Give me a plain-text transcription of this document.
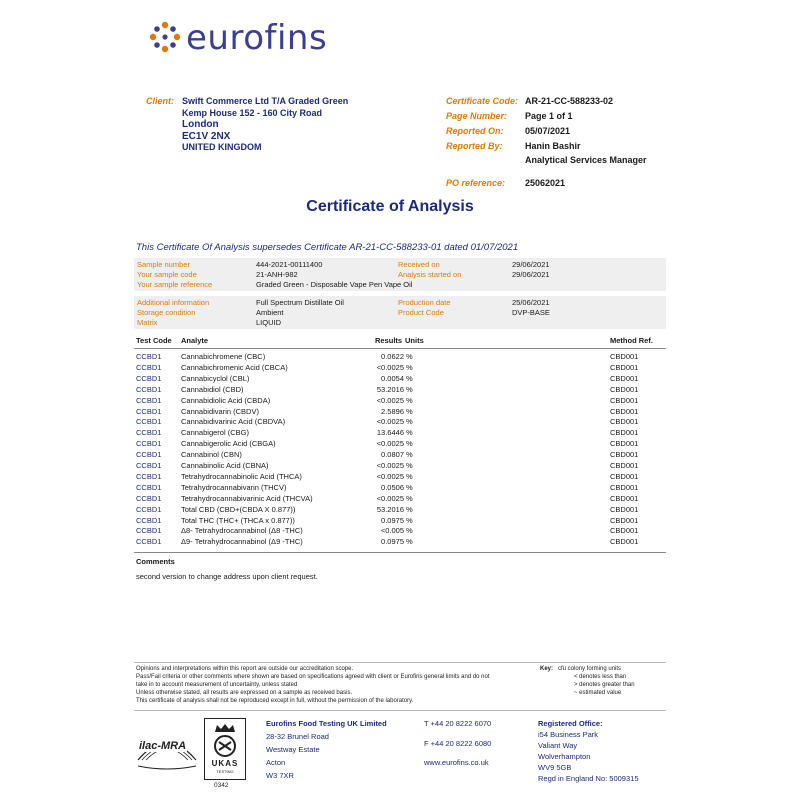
eurofins
Client: Swift Commerce Ltd T/A Graded Green
Kemp House 152 - 160 City Road
London
EC1V 2NX
UNITED KINGDOM
Certificate Code: AR-21-CC-588233-02
Page Number: Page 1 of 1
Reported On: 05/07/2021
Reported By: Hanin Bashir
Analytical Services Manager
PO reference: 25062021
Certificate of Analysis
This Certificate Of Analysis supersedes Certificate AR-21-CC-588233-01 dated 01/07/2021
Sample number	444-2021-00111400	Received on	29/06/2021
Your sample code	21-ANH-982	Analysis started on	29/06/2021
Your sample reference	Graded Green - Disposable Vape Pen Vape Oil
Additional information	Full Spectrum Distillate Oil	Production date	25/06/2021
Storage condition	Ambient	Product Code	DVP-BASE
Matrix	LIQUID
Test Code Analyte	Results Units	Method Ref.
CCBD1	Cannabichromene (CBC)	0.0622 %	CBD001
CCBD1	Cannabichromenic Acid (CBCA)	<0.0025 %	CBD001
CCBD1	Cannabicyclol (CBL)	0.0054 %	CBD001
CCBD1	Cannabidiol (CBD)	53.2016 %	CBD001
CCBD1	Cannabidiolic Acid (CBDA)	<0.0025 %	CBD001
CCBD1	Cannabidivarin (CBDV)	2.5896 %	CBD001
CCBD1	Cannabidivarinic Acid (CBDVA)	<0.0025 %	CBD001
CCBD1	Cannabigerol (CBG)	13.6446 %	CBD001
CCBD1	Cannabigerolic Acid (CBGA)	<0.0025 %	CBD001
CCBD1	Cannabinol (CBN)	0.0807 %	CBD001
CCBD1	Cannabinolic Acid (CBNA)	<0.0025 %	CBD001
CCBD1	Tetrahydrocannabinolic Acid (THCA)	<0.0025 %	CBD001
CCBD1	Tetrahydrocannabivarin (THCV)	0.0506 %	CBD001
CCBD1	Tetrahydrocannabivarinic Acid (THCVA)	<0.0025 %	CBD001
CCBD1	Total CBD (CBD+(CBDA X 0.877))	53.2016 %	CBD001
CCBD1	Total THC (THC+ (THCA x 0.877))	0.0975 %	CBD001
CCBD1	Δ8- Tetrahydrocannabinol (Δ8 -THC)	<0.005 %	CBD001
CCBD1	Δ9- Tetrahydrocannabinol (Δ9 -THC)	0.0975 %	CBD001
Comments
second version to change address upon client request.
Opinions and interpretations within this report are outside our accreditation scope.
Pass/Fail criteria or other comments where shown are based on specifications agreed with client or Eurofins general limits and do not
take in to account measurement of uncertainty, unless stated
Unless otherwise stated, all results are expressed on a sample as received basis.
This certificate of analysis shall not be reproduced except in full, without the permission of the laboratory.
Key: cfu colony forming units
< denotes less than
> denotes greater than
~ estimated value
ilac-MRA
UKAS
TESTING
0342
Eurofins Food Testing UK Limited
28-32 Brunel Road
Westway Estate
Acton
W3 7XR
T +44 20 8222 6070
F +44 20 8222 6080
www.eurofins.co.uk
Registered Office:
i54 Business Park
Valiant Way
Wolverhampton
WV9 5GB
Regd in England No: 5009315
